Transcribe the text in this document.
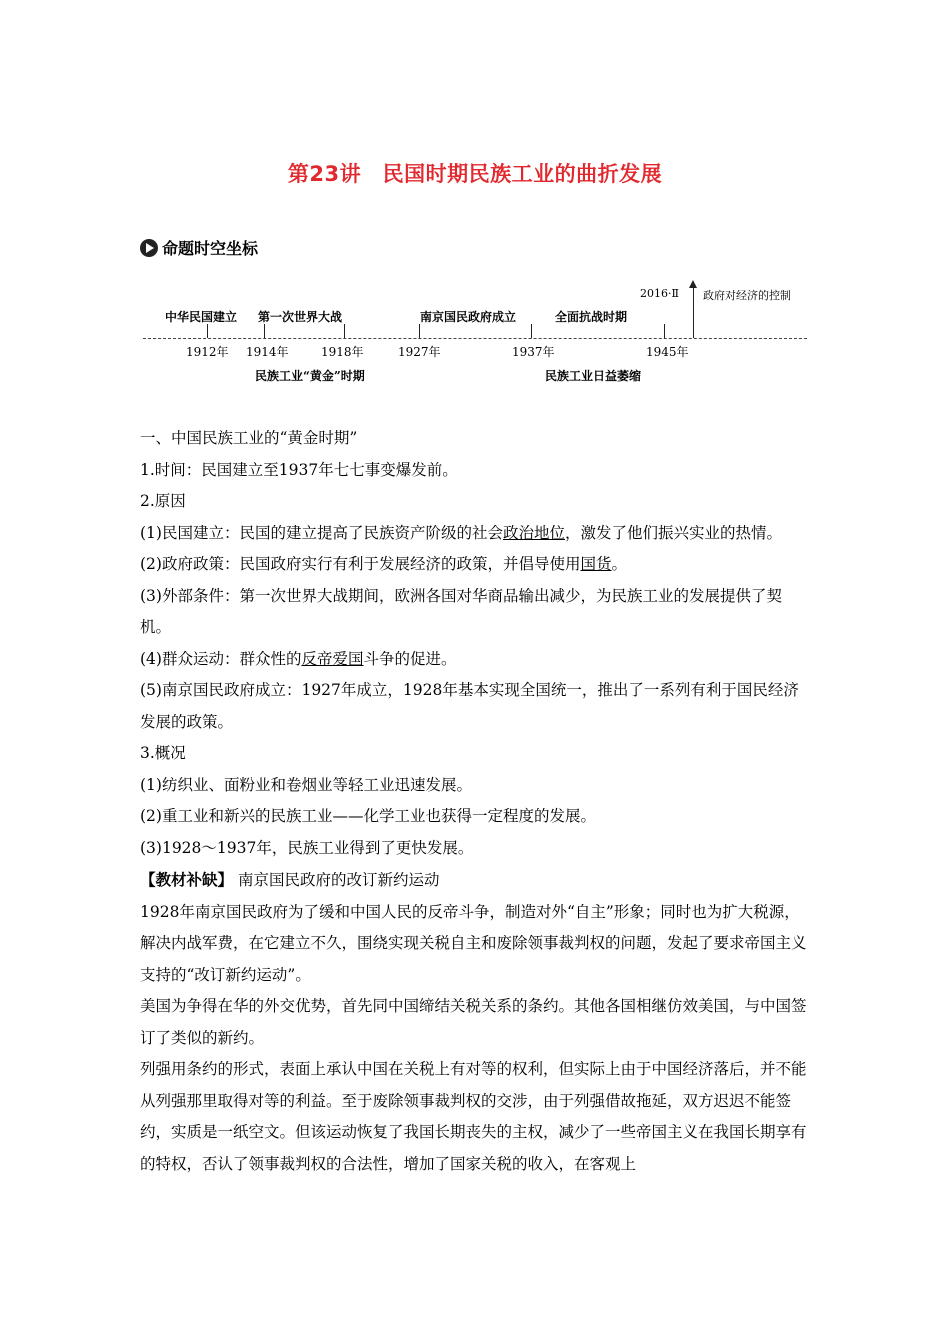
第23讲　民国时期民族工业的曲折发展
命题时空坐标
中华民国建立 第一次世界大战	南京国民政府成立	全面抗战时期
2016·Ⅱ 政府对经济的控制
1912年 1914年	1918年	1927年	1937年	1945年
民族工业“黄金”时期	民族工业日益萎缩

一、中国民族工业的“黄金时期”

1.时间：民国建立至1937年七七事变爆发前。

2.原因

(1)民国建立：民国的建立提高了民族资产阶级的社会政治地位，激发了他们振兴实业的热情。

(2)政府政策：民国政府实行有利于发展经济的政策，并倡导使用国货。

(3)外部条件：第一次世界大战期间，欧洲各国对华商品输出减少，为民族工业的发展提供了契机。

(4)群众运动：群众性的反帝爱国斗争的促进。

(5)南京国民政府成立：1927年成立，1928年基本实现全国统一，推出了一系列有利于国民经济发展的政策。

3.概况

(1)纺织业、面粉业和卷烟业等轻工业迅速发展。

(2)重工业和新兴的民族工业——化学工业也获得一定程度的发展。

(3)1928～1937年，民族工业得到了更快发展。

【教材补缺】 南京国民政府的改订新约运动

1928年南京国民政府为了缓和中国人民的反帝斗争，制造对外“自主”形象；同时也为扩大税源，解决内战军费，在它建立不久，围绕实现关税自主和废除领事裁判权的问题，发起了要求帝国主义支持的“改订新约运动”。

美国为争得在华的外交优势，首先同中国缔结关税关系的条约。其他各国相继仿效美国，与中国签订了类似的新约。

列强用条约的形式，表面上承认中国在关税上有对等的权利，但实际上由于中国经济落后，并不能从列强那里取得对等的利益。至于废除领事裁判权的交涉，由于列强借故拖延，双方迟迟不能签约，实质是一纸空文。但该运动恢复了我国长期丧失的主权，减少了一些帝国主义在我国长期享有的特权，否认了领事裁判权的合法性，增加了国家关税的收入，在客观上
